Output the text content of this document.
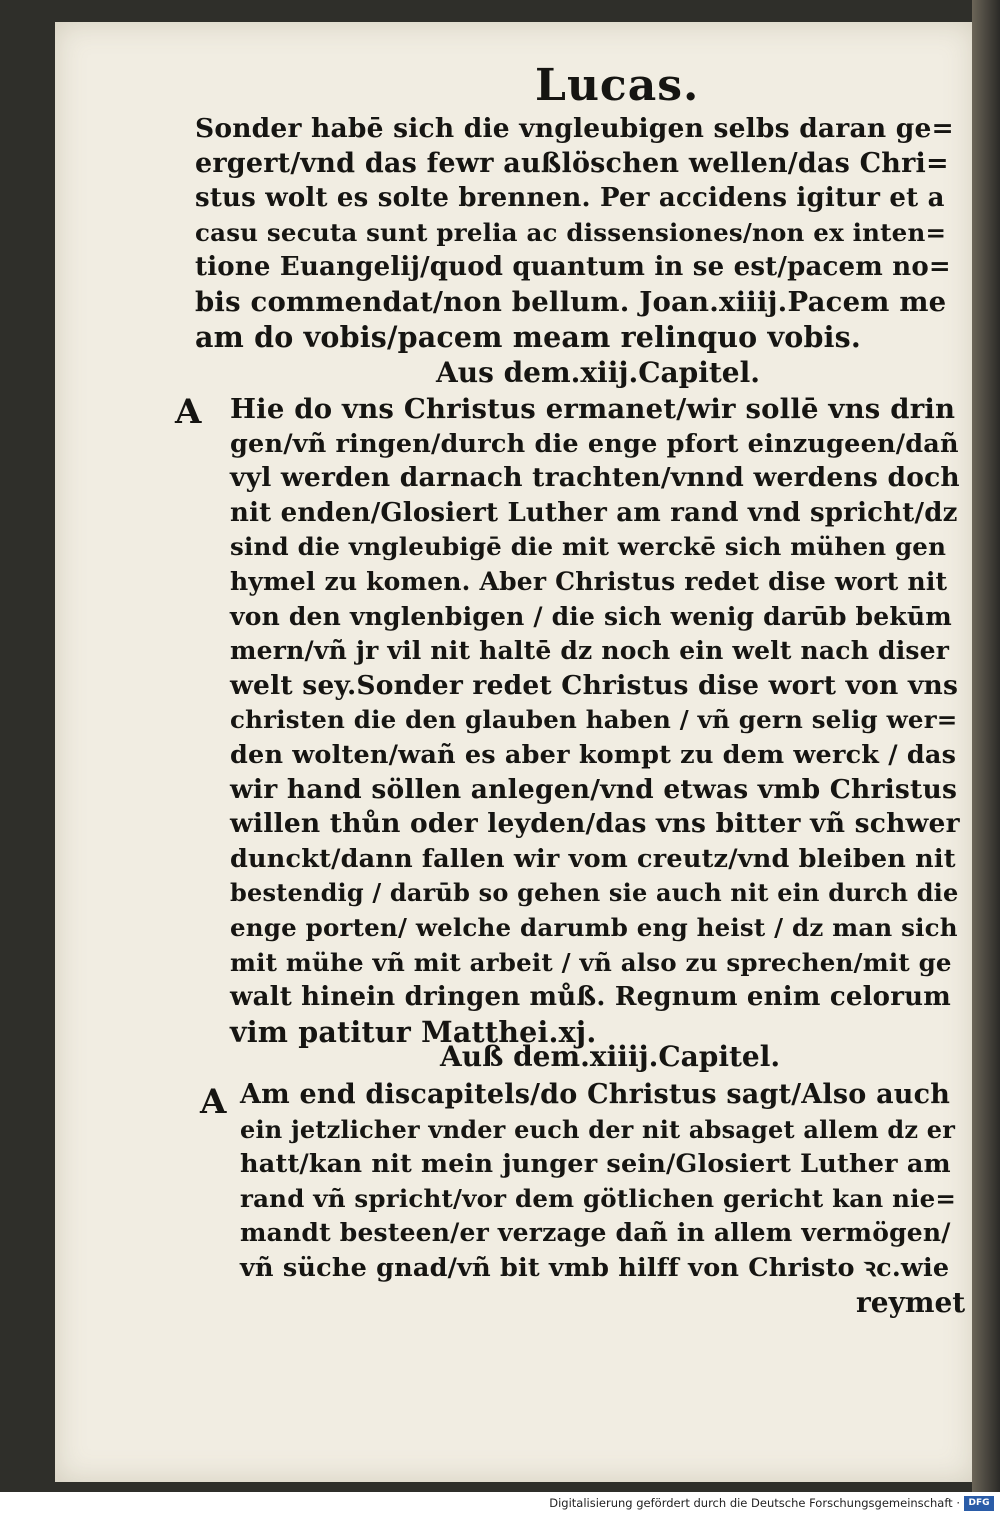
Lucas.
Sonder habē sich die vngleubigen selbs daran ge=
ergert/vnd das fewr außlöschen wellen/das Chri=
stus wolt es solte brennen. Per accidens igitur et a
casu secuta sunt prelia ac dissensiones/non ex inten=
tione Euangelij/quod quantum in se est/pacem no=
bis commendat/non bellum. Joan.xiiij.Pacem me
am do vobis/pacem meam relinquo vobis.
Aus dem.xiij.Capitel.
A Hie do vns Christus ermanet/wir sollē vns drin
gen/vñ ringen/durch die enge pfort einzugeen/dañ
vyl werden darnach trachten/vnnd werdens doch
nit enden/Glosiert Luther am rand vnd spricht/dz
sind die vngleubigē die mit werckē sich mühen gen
hymel zu komen. Aber Christus redet dise wort nit
von den vnglenbigen / die sich wenig darūb bekūm
mern/vñ jr vil nit haltē dz noch ein welt nach diser
welt sey.Sonder redet Christus dise wort von vns
christen die den glauben haben / vñ gern selig wer=
den wolten/wañ es aber kompt zu dem werck / das
wir hand söllen anlegen/vnd etwas vmb Christus
willen thůn oder leyden/das vns bitter vñ schwer
dunckt/dann fallen wir vom creutz/vnd bleiben nit
bestendig / darūb so gehen sie auch nit ein durch die
enge porten/ welche darumb eng heist / dz man sich
mit mühe vñ mit arbeit / vñ also zu sprechen/mit ge
walt hinein dringen můß. Regnum enim celorum
vim patitur Matthei.xj.
Auß dem.xiiij.Capitel.
A Am end discapitels/do Christus sagt/Also auch
ein jetzlicher vnder euch der nit absaget allem dz er
hatt/kan nit mein junger sein/Glosiert Luther am
rand vñ spricht/vor dem götlichen gericht kan nie=
mandt besteen/er verzage dañ in allem vermögen/
vñ süche gnad/vñ bit vmb hilff von Christo ꝛc.wie
reymet
Digitalisierung gefördert durch die Deutsche Forschungsgemeinschaft · DFG
